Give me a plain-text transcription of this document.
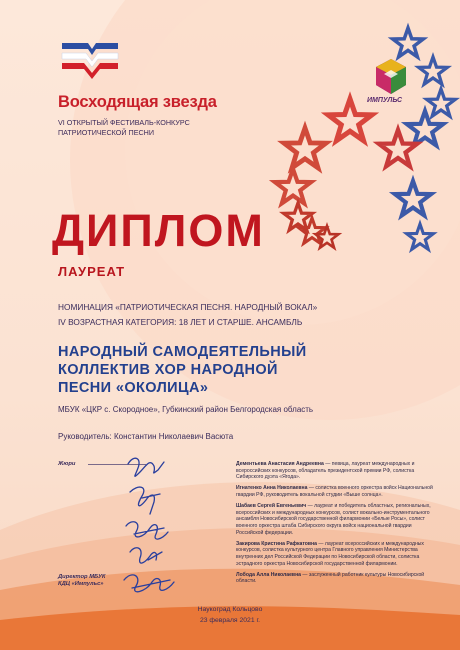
Восходящая звезда
VI ОТКРЫТЫЙ ФЕСТИВАЛЬ-КОНКУРС
ПАТРИОТИЧЕСКОЙ ПЕСНИ
ИМПУЛЬС
ДИПЛОМ
ЛАУРЕАТ
НОМИНАЦИЯ «ПАТРИОТИЧЕСКАЯ ПЕСНЯ. НАРОДНЫЙ ВОКАЛ»
IV ВОЗРАСТНАЯ КАТЕГОРИЯ: 18 ЛЕТ И СТАРШЕ. АНСАМБЛЬ
НАРОДНЫЙ САМОДЕЯТЕЛЬНЫЙ
КОЛЛЕКТИВ ХОР НАРОДНОЙ
ПЕСНИ «ОКОЛИЦА»
МБУК «ЦКР с. Скородное», Губкинский район Белгородская область
Руководитель: Константин Николаевич Васюта
Жюри	Дементьева Анастасия Андреевна — певица, лауреат международных и всероссийских конкурсов, обладатель президентской премии РФ, солистка Сибирского дуэта «Ягода».
Игнатенко Анна Николаевна — солистка военного оркестра войск Национальной гвардии РФ, руководитель вокальной студии «Выше солнца».
Шабаев Сергей Евгеньевич — лауреат и победитель областных, региональных, всероссийских и международных конкурсов, солист вокально-инструментального ансамбля Новосибирской государственной филармонии «Белые Росы», солист военного оркестра штаба Сибирского округа войск национальной гвардии Российской федерации.
Закирова Кристина Рафкатовна — лауреат всероссийских и международных конкурсов, солистка культурного центра Главного управления Министерства внутренних дел Российской Федерации по Новосибирской области, солистка эстрадного оркестра Новосибирской государственной филармонии.
Лобода Алла Николаевна — заслуженный работник культуры Новосибирской области.
Директор МБУК
КДЦ «Импульс»
Наукоград Кольцово
23 февраля 2021 г.
